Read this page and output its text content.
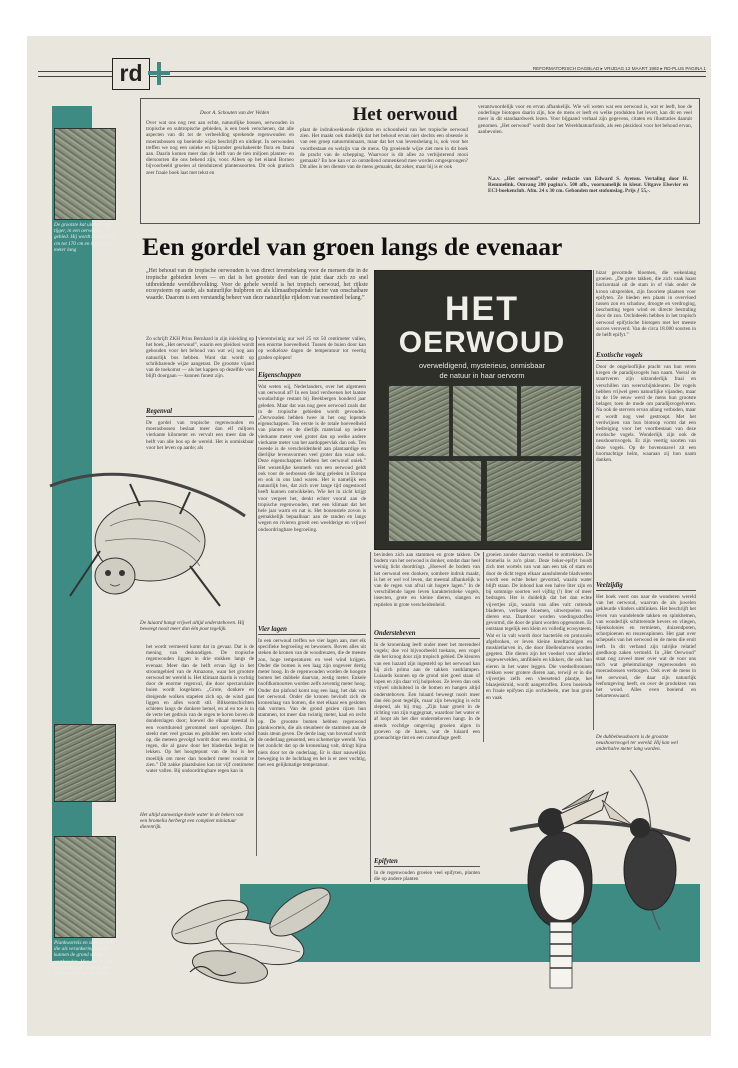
rd	REFORMATORISCH DAGBLAD ▸ VRIJDAG 12 MAART 1982 ▸ RD-PLUS PAGINA 1
De grootste kat uit Azië, de tijger, in een oerwoud gebied. Hij wordt meestal 90 cm tot 170 cm en is bijna 1 meter lang
Door A. Schouten van der Velden
Over wat ons nog rest aan echte, natuurlijke bossen, oerwouden in tropische en subtropische gebieden, is een boek verschenen, dat alle aspecten van dit tot de verbeelding sprekende regenwouden en moerasbossen op boeiende wijze beschrijft en uitdiept. In oerwouden treffen we nog een unieke en bijzonder geschakeerde flora en fauna aan. Daarin komen meer dan de helft van de tien miljoen planten- en diersoorten die ons bekend zijn, voor. Alleen op het eiland Borneo bijvoorbeeld groeien al tienduizend plantensoorten. Dit ook gratisch zeer fraaie boek laat met tekst en
Het oerwoud
plaat de indrukwekkende rijkdom en schoonheid van het tropische oerwoud zien. Het maakt ook duidelijk dat het behoud ervan niet slechts een obsessie is van een groep natuurminnaars, maar dat het van levensbelang is, ook voor het voortbestaan en welzijn van de mens. Op groeiende wijze ziet men in dit boek de pracht van de schepping. Waarvoor is dit alles zo verbijsterend mooi gemaakt? En hoe kan er zo ontstellend omnenkend mee worden omgesprongen? Dit alles is ten dienste van de mens gemaakt, dat zeker, maar hij is er ook
verantwoordelijk voor en ervan afhankelijk. Wie wil weten wat een oerwoud is, wat er leeft, hoe de onderlinge biotopen daarin zijn, hoe de mens er leeft en welke produkten het levert, kan dit en veel meer in dit standaardwerk lezen. Voor bijgaand verhaal zijn gegevens, citaten en illustraties daaruit genomen. „Het oerwoud” wordt door het Wereldnatuurfonds, als een plezidooi voor het behoud ervan, aanbevolen.
N.a.v. „Het oerwoud”, onder redactie van Edward S. Ayensu. Vertaling door H. Remmelink. Omvang 200 pagina's. 500 afb., voornamelijk in kleur. Uitgave Elsevier en ECI-boekenclub. Afm. 24 x 30 cm. Gebonden met stofomslag. Prijs ƒ 55,-.
Een gordel van groen langs de evenaar
„Het behoud van de tropische oerwouden is van direct levensbelang voor de mensen die in de tropische gebieden leven — en dat is het grootste deel van de juist daar zich zo snel uitbreidende wereldbevolking. Voor de gehele wereld is het tropisch oerwoud, het rijkste ecosysteem op aarde, als natuurlijke hulpbron en als klimaatbepalende factor van onschatbare waarde. Daarom is een verstandig beheer van deze natuurlijke rijkdom van essentieel belang.”	HET
OERWOUD
overweldigend, mysterieus, onmisbaar
de natuur in haar oervorm
Zo schrijft ZKH Prins Bernhard in zijn inleiding op het boek „Het oerwoud”, waarin een pleidooi wordt gehouden voor het behoud van wat wij nog aan natuurlijk bos hebben. Want dat wordt op schrikbarende wijze aangetast. De grootste vijand van de toekomst — als het kappen op dezelfde voet blijft doorgaan — kunnen funest zijn.
Regenval
De gordel van tropische regenwouden en moerasbossen beslaat meer dan elf miljoen vierkante kilometer en vervult een meer dan de helft van alle bos op de wereld. Het is onmiskbaar voor het leven op aarde; als
De luiaard hangt vrijwel altijd ondersteboven. Hij beweegt nooit meer dan één poot tegelijk.
het wordt vermeerd komt dat in gevaar. Dat is de mening van deskundigen. De tropische regenwouden liggen in drie stukken langs de evenaar. Meer dan de helft ervan ligt in het stroomgebied van de Amazone, waar het grootste oerwoud ter wereld is. Het klimaat daarin is vochtig door de enorme regenval, die door spectaculaire buien wordt losgelaten. „Grote, donkere en dreigende wolken stapelen zich op, de wind gaat liggen en alles wordt stil. Bliksemschichten schieten langs de donkere hemel, en al en toe is in de verte het gedruis van de regen te horen boven de donderslagen door; hoewel die elkaar meestal in een voortdurend gerommel snel opvolgen. Dan steekt met veel geraas en gebulder een koele wind op, die meteen gevolgd wordt door een stortbui, de regen, die al gauw door het bladerdak begint te lekken. Op het hoogtepunt van de bui is het moeilijk om meer dan honderd meter vooruit te zien.” Dit zakke plaatsbuien kan tot vijf centimeter water vallen. Bij ondoordringbare regen kan in
Het altijd aanwezige koele water in de bekers van een bromelia herbergt een compleet miniatuur dierenrijk.
Plankwortels en stelkwortels die als verankering werken kunnen de grond stevig vasthouden. Men noemt ook die wortels die in de bodem verankerd in het open veld.
vierentwintig uur wel 25 tot 50 centimeter vallen, een enorme hoeveelheid. Tussen de buien door kan op wolkeloze dagen de temperatuur tot veertig graden oplopen!
Eigenschappen
Wat weten wij, Nederlanders, over het algemeen van oerwoud af? In een land verdwenen het laatste woudachtige restant bij Beekbergen honderd jaar geleden. Maar dat was nog geen oerwoud zoals dat in de tropische gebieden wordt gevonden. „Oerwouden hebben twee in het oog lopende eigenschappen. Ten eerste is de totale hoeveelheid van planten en de dierlijk materiaal op iedere vierkante meter veel groter dan op welke andere vierkante meter van het aardoppervlak dan ook. Ten tweede is de verscheidenheid aan plantaardige en dierlijke levensvormen veel groter dan waar ook. Deze eigenschappen hebben het oerwoud uniek.” Het wezenlijke kenmerk van een oerwoud geldt ook voor de oerbossen die lang geleden in Europa en ook in ons land waren. Het is namelijk een natuurlijk bos, dat zich over lange tijd ongestoord heeft kunnen ontwikkelen. Wie het in zicht krijgt voor vergeet het, denkt echter vooral aan de tropische regenwouden, met een klimaat dat het hele jaar warm en nat is. Het bonenstele zovon is gemakkelijk bepaalbaar: aan de randen en langs wegen en rivieren groeit een weelderige en vrijwel ondoordringbare begroeiing.
Vier lagen
In een oerwoud treffen we vier lagen aan, met elk specifieke begroeiing en bewoners. Boven alles uit steken de kronen van de woudreuzen, die de meeste zon, hoge temperaturen en veel wind krijgen. Onder die bomen is een laag zijn ongeveer dertig meter hoog. In de regenwouden worden de hoogste bomen het dubbele daarvan, zestig meter. Enkele hoofdkomoorten worden zelfs zeventig meter hoog. Onder dat plafond komt nog een laag, het dak van het oerwoud. Onder die kronen bevindt zich de kronenlaag van bomen, die met elkaar een gesloten dak vormen. Van de grond gezien rijzen hun stammen, tot meer dan twintig meter, kaal en recht op. De grootste bomen hebben regenwoud plankwortels, die als steunbeer de stammen aan de basis steun geven. De derde laag van bovenaf wordt de onderlaag genoemd, een schemerige wereld. Van het zonlicht dat op de kronenlaag valt, dringt bijna niets door tot de onderlaag. Er is daar nauwelijks beweging in de luchtlaag en het is er zeer vochtig, met een gelijkmatige temperatuur.
bevinden zich aan stammen en grote takken. De bodem van het oerwoud is donker, omdat daar heel weinig licht doordringt. „Hoewel de bodem van het oerwoud een donkere, sombere indruk maakt, is het er wel vol leven, dat meestal afhankelijk is van de regen van afval uit hogere lagen.” In de verschillende lagen leven karakteristieke vogels, insecten, grote en kleine dieren, slangen en reptielen in grote verscheidenheid.
Onderstebeven
In de kronenlaag leeft onder meer het merendeel vogels; doe vol bijvoorbeeld toekans, een vogel die het kroog door zijn tropisch gebied. De kleuren van een hazard zijn ingesteld op het oerwoud kan hij zich prima aan de takken vastklampen. Luiaards kunnen op de grond niet goed staan of lopen en zijn daar vrij hulpeloos. Ze leven dan ook vrijwel uitsluitend in de bomen en hangen altijd ondersteboven. Een luiaard beweegt nooit meer dan één poot tegelijk, maar zijn beweging is echt slepend, als hij trug. „Zijn haar groeit in de richting van zijn ruggegraat, waardoor het water er af loopt als het dier ondersteboven hangt. In de steeds vochtige omgeving groeien algen in groeven op de haren, wat de luiaard een groenachtige tint en een camouflage geeft.
Epifyten
In de regenwouden groeien veel epifyten, planten die op andere planten
groeien zonder daarvan voedsel te onttrekken. De bromelia is zo'n plant. Deze boker-epifyt houdt zich met wortels van wat aan een tak of stam en door de dicht tegen elkaar aansluitende bladvoeten wordt een echte beker gevormd, waarin water blijft staan. De inhoud kan een halve liter zijn en bij sommige soorten wel vijftig (!) liter of meer bedragen. Het is duidelijk dat het dan echte vijvertjes zijn, waarin van alles valt: rottende bladeren, verliepte bloemen, uitwerpselen van dieren enz. Daardoor worden voedingsstoffen gevormd, die door de plant worden opgenomen. Er ontstaan tegelijk een klein en volledig ecosysteem. Wat er in valt wordt door bacteriën en protozoën afgebroken, er leven kleine kreeftachtigen en muskietlarven in, die door libellenlarven worden gegeten. Die dieren zijn het voedsel voor allerlei ongewervelden, amfibieën en kikkers, die ook hun eieren in het water leggen. Die voedselbronnen trekken weer grotere dieren aan, terwijl er in die vijvertjes zelfs een vleesetend plantje, het blaasjeskruid, wordt aangetroffen. Even boeiende en fraaie epifyten zijn orchideeën, met hun grote en vaak
bizar gevormde bloemen, die wekenlang groeien. „De grote takken, die zich vaak haast horizontaal uit de stam in of vlak onder de kroon uitspreiden, zijn favoriete plaatsen voor epifyten. Ze bieden een plaats in overvloed tussen zon en schaduw, droogte en verdroging, beschutting tegen wind en directe bestraling door de zon. Orchideeën hebben in het tropisch oerwoud epifytische biotopen met het meeste succes veroverd. Van de circa 18.000 soorten in de helft epifyt.”
Exotische vogels
Door de ongelooflijke pracht van hun veren kregen de paradijsvogels hun naam. Voeral de staartveren zijn uitzonderlijk fraai en verschillen van weerschijnkleuren. De vogels hebben vrijwel geen natuurlijke vijanden, maar in de 19e eeuw werd de mens hun grootste belager, toen de mode om paradijsvogelveren. Na ook de stervers ervan allang verboden, maar er wordt nog veel gestroopt. Met het verdwijnen van hun biotoop vormt dat een bedreiging voor het voortbestaan van deze exotische vogels. Wonderlijk zijn ook de neushoornvogels. Er zijn veertig soorten van deze vogels. Op de bovensnavel zit een hoornachtige helm, waaraan zij hun naam danken.
Veelzijdig
Het boek voert ons naar de wonderen wereld van het oerwoud, waarvan de als juwelen gekleurde vlinders uitblinken. Het beschrijft het leven van wandelende takken en spinkhemen, van wonderlijk schitterende kevers en vliegen, bijenkolonies en termieten, duizendpoten, schorpioenen en reuzenspinnen. Het gaat over schepsels van het oerwoud en de mens die eruit leeft. In dit verband zijn talrijke relatief goedkoop zaken vermeld. In „Het Oerwoud” staat nog zoveel meer over wat de voor ons toch wat geheimzinnige regenwouden en moerasbossen verborgen. Ook over de mens in het oerwoud, die daar zijn natuurlijk leefomgeving heeft, en over de produkten van het woud. Alles even boeiend en behartenswaard.
De dubbelneushoorn is de grootste neushoornvogel ter wereld. Hij kan wel anderhalve meter lang worden.
